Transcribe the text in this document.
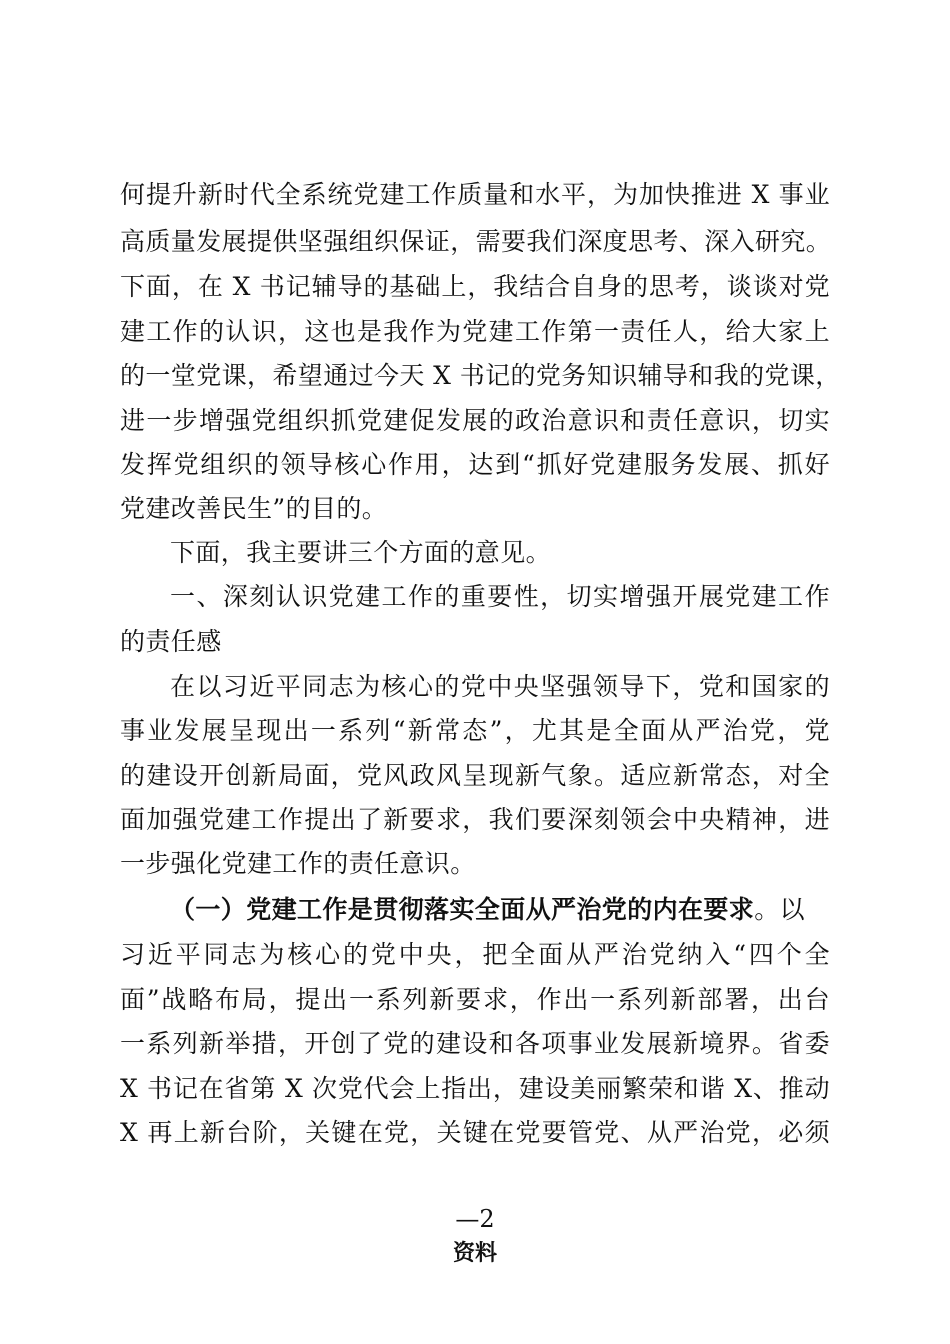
何提升新时代全系统党建工作质量和水平，为加快推进 X 事业
高质量发展提供坚强组织保证，需要我们深度思考、深入研究。
下面，在 X 书记辅导的基础上，我结合自身的思考，谈谈对党
建工作的认识，这也是我作为党建工作第一责任人，给大家上
的一堂党课，希望通过今天 X 书记的党务知识辅导和我的党课，
进一步增强党组织抓党建促发展的政治意识和责任意识，切实
发挥党组织的领导核心作用，达到“抓好党建服务发展、抓好
党建改善民生”的目的。
下面，我主要讲三个方面的意见。
一、深刻认识党建工作的重要性，切实增强开展党建工作
的责任感
在以习近平同志为核心的党中央坚强领导下，党和国家的
事业发展呈现出一系列“新常态”，尤其是全面从严治党，党
的建设开创新局面，党风政风呈现新气象。适应新常态，对全
面加强党建工作提出了新要求，我们要深刻领会中央精神，进
一步强化党建工作的责任意识。
（一）党建工作是贯彻落实全面从严治党的内在要求。以
习近平同志为核心的党中央，把全面从严治党纳入“四个全
面”战略布局，提出一系列新要求，作出一系列新部署，出台
一系列新举措，开创了党的建设和各项事业发展新境界。省委
X 书记在省第 X 次党代会上指出，建设美丽繁荣和谐 X、推动
X 再上新台阶，关键在党，关键在党要管党、从严治党，必须
—2
资料
